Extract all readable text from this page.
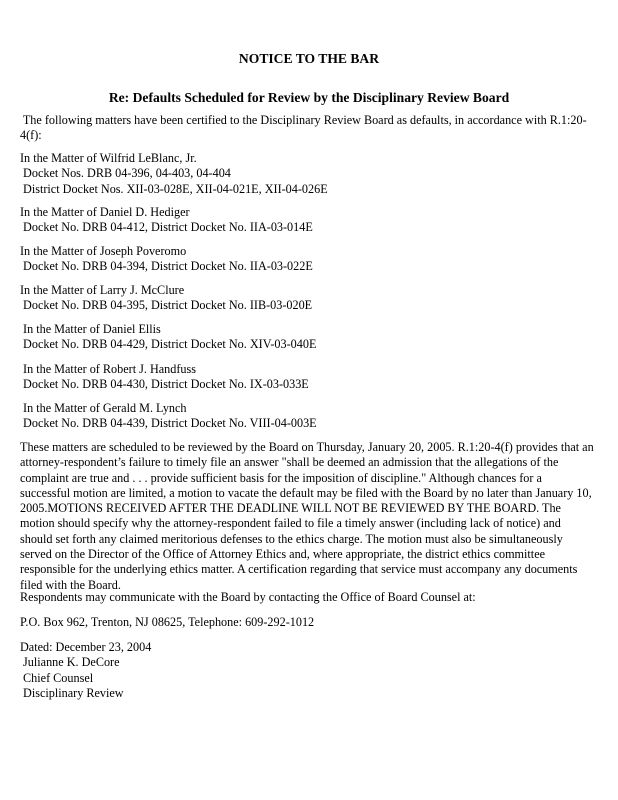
NOTICE TO THE BAR
Re: Defaults Scheduled for Review by the Disciplinary Review Board
The following matters have been certified to the Disciplinary Review Board as defaults, in accordance with R.1:20-
4(f):
In the Matter of Wilfrid LeBlanc, Jr.
Docket Nos. DRB 04-396, 04-403, 04-404
District Docket Nos. XII-03-028E, XII-04-021E, XII-04-026E
In the Matter of Daniel D. Hediger
Docket No. DRB 04-412, District Docket No. IIA-03-014E
In the Matter of Joseph Poveromo
Docket No. DRB 04-394, District Docket No. IIA-03-022E
In the Matter of Larry J. McClure
Docket No. DRB 04-395, District Docket No. IIB-03-020E
In the Matter of Daniel Ellis
Docket No. DRB 04-429, District Docket No. XIV-03-040E
In the Matter of Robert J. Handfuss
Docket No. DRB 04-430, District Docket No. IX-03-033E
In the Matter of Gerald M. Lynch
Docket No. DRB 04-439, District Docket No. VIII-04-003E
These matters are scheduled to be reviewed by the Board on Thursday, January 20, 2005. R.1:20-4(f) provides that an
attorney-respondent’s failure to timely file an answer "shall be deemed an admission that the allegations of the
complaint are true and . . . provide sufficient basis for the imposition of discipline." Although chances for a
successful motion are limited, a motion to vacate the default may be filed with the Board by no later than January 10,
2005.MOTIONS RECEIVED AFTER THE DEADLINE WILL NOT BE REVIEWED BY THE BOARD. The
motion should specify why the attorney-respondent failed to file a timely answer (including lack of notice) and
should set forth any claimed meritorious defenses to the ethics charge. The motion must also be simultaneously
served on the Director of the Office of Attorney Ethics and, where appropriate, the district ethics committee
responsible for the underlying ethics matter. A certification regarding that service must accompany any documents
filed with the Board.
Respondents may communicate with the Board by contacting the Office of Board Counsel at:
P.O. Box 962, Trenton, NJ 08625, Telephone: 609-292-1012
Dated: December 23, 2004
Julianne K. DeCore
Chief Counsel
Disciplinary Review
